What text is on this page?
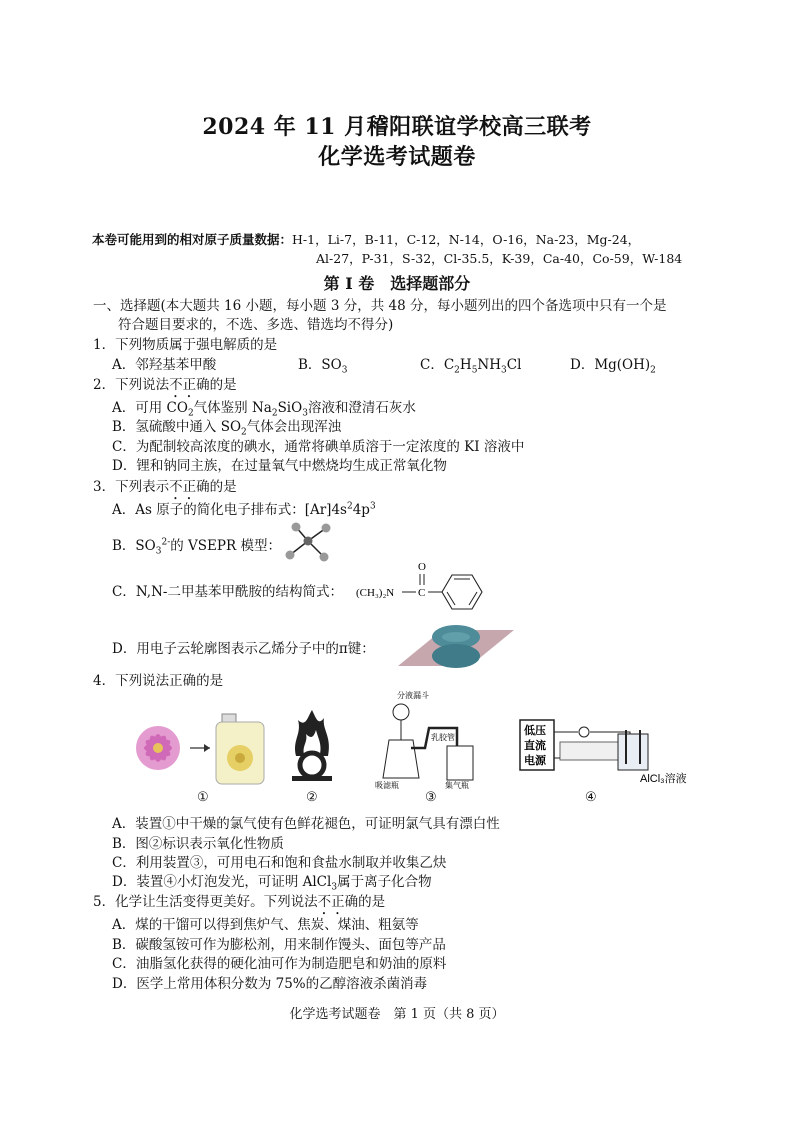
2024 年 11 月稽阳联谊学校高三联考
化学选考试题卷
本卷可能用到的相对原子质量数据：H-1，Li-7，B-11，C-12，N-14，O-16，Na-23，Mg-24，
Al-27，P-31，S-32，Cl-35.5，K-39，Ca-40，Co-59，W-184
第 I 卷　选择题部分
一、选择题(本大题共 16 小题，每小题 3 分，共 48 分，每小题列出的四个备选项中只有一个是
符合题目要求的，不选、多选、错选均不得分)
1．下列物质属于强电解质的是
A．邻羟基苯甲酸	B．$SO_3$	C．$C_2H_5NH_3Cl$	D．$Mg(OH)_2$
2．下列说法不正确的是
A．可用 $CO_2$气体鉴别 $Na_2SiO_3$溶液和澄清石灰水
B．氢硫酸中通入 $SO_2$气体会出现浑浊
C．为配制较高浓度的碘水，通常将碘单质溶于一定浓度的 KI 溶液中
D．锂和钠同主族，在过量氧气中燃烧均生成正常氧化物
3．下列表示不正确的是
A．As 原子的简化电子排布式：$[Ar]4s^24p^3$
B．$SO_3^{2-}$的 VSEPR 模型：
C．N,N-二甲基苯甲酰胺的结构简式： (CH₃)₂N C
O
D．用电子云轮廓图表示乙烯分子中的π键：
4．下列说法正确的是
分液漏斗
乳胶管
吸滤瓶	集气瓶
低压
直流
电源
AlCl₃溶液
①	②	③	④
A．装置①中干燥的氯气使有色鲜花褪色，可证明氯气具有漂白性
B．图②标识表示氧化性物质
C．利用装置③，可用电石和饱和食盐水制取并收集乙炔
D．装置④小灯泡发光，可证明 AlCl$_3$属于离子化合物
5．化学让生活变得更美好。下列说法不正确的是
A．煤的干馏可以得到焦炉气、焦炭、煤油、粗氨等
B．碳酸氢铵可作为膨松剂，用来制作馒头、面包等产品
C．油脂氢化获得的硬化油可作为制造肥皂和奶油的原料
D．医学上常用体积分数为 75%的乙醇溶液杀菌消毒
化学选考试题卷　第 1 页（共 8 页）
